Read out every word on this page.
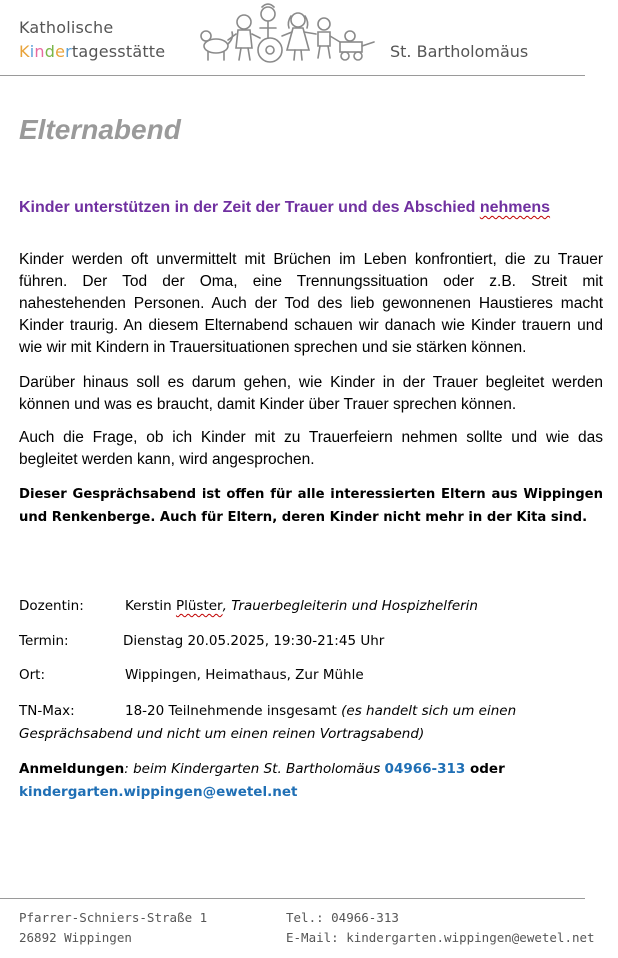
Katholische
Kindertagesstätte	St. Bartholomäus
Elternabend
Kinder unterstützen in der Zeit der Trauer und des Abschied nehmens
Kinder werden oft unvermittelt mit Brüchen im Leben konfrontiert, die zu Trauer führen. Der Tod der Oma, eine Trennungssituation oder z.B. Streit mit nahestehenden Personen. Auch der Tod des lieb gewonnenen Haustieres macht Kinder traurig. An diesem Elternabend schauen wir danach wie Kinder trauern und wie wir mit Kindern in Trauersituationen sprechen und sie stärken können.
Darüber hinaus soll es darum gehen, wie Kinder in der Trauer begleitet werden können und was es braucht, damit Kinder über Trauer sprechen können.
Auch die Frage, ob ich Kinder mit zu Trauerfeiern nehmen sollte und wie das begleitet werden kann, wird angesprochen.
Dieser Gesprächsabend ist offen für alle interessierten Eltern aus Wippingen und Renkenberge. Auch für Eltern, deren Kinder nicht mehr in der Kita sind.
Dozentin:	Kerstin Plüster, Trauerbegleiterin und Hospizhelferin
Termin:	Dienstag 20.05.2025, 19:30-21:45 Uhr
Ort:	Wippingen, Heimathaus, Zur Mühle
TN-Max:	18-20 Teilnehmende insgesamt (es handelt sich um einen
Gesprächsabend und nicht um einen reinen Vortragsabend)
Anmeldungen: beim Kindergarten St. Bartholomäus 04966-313 oder
kindergarten.wippingen@ewetel.net
Pfarrer-Schniers-Straße 1
26892 Wippingen
Tel.: 04966-313
E-Mail: kindergarten.wippingen@ewetel.net
